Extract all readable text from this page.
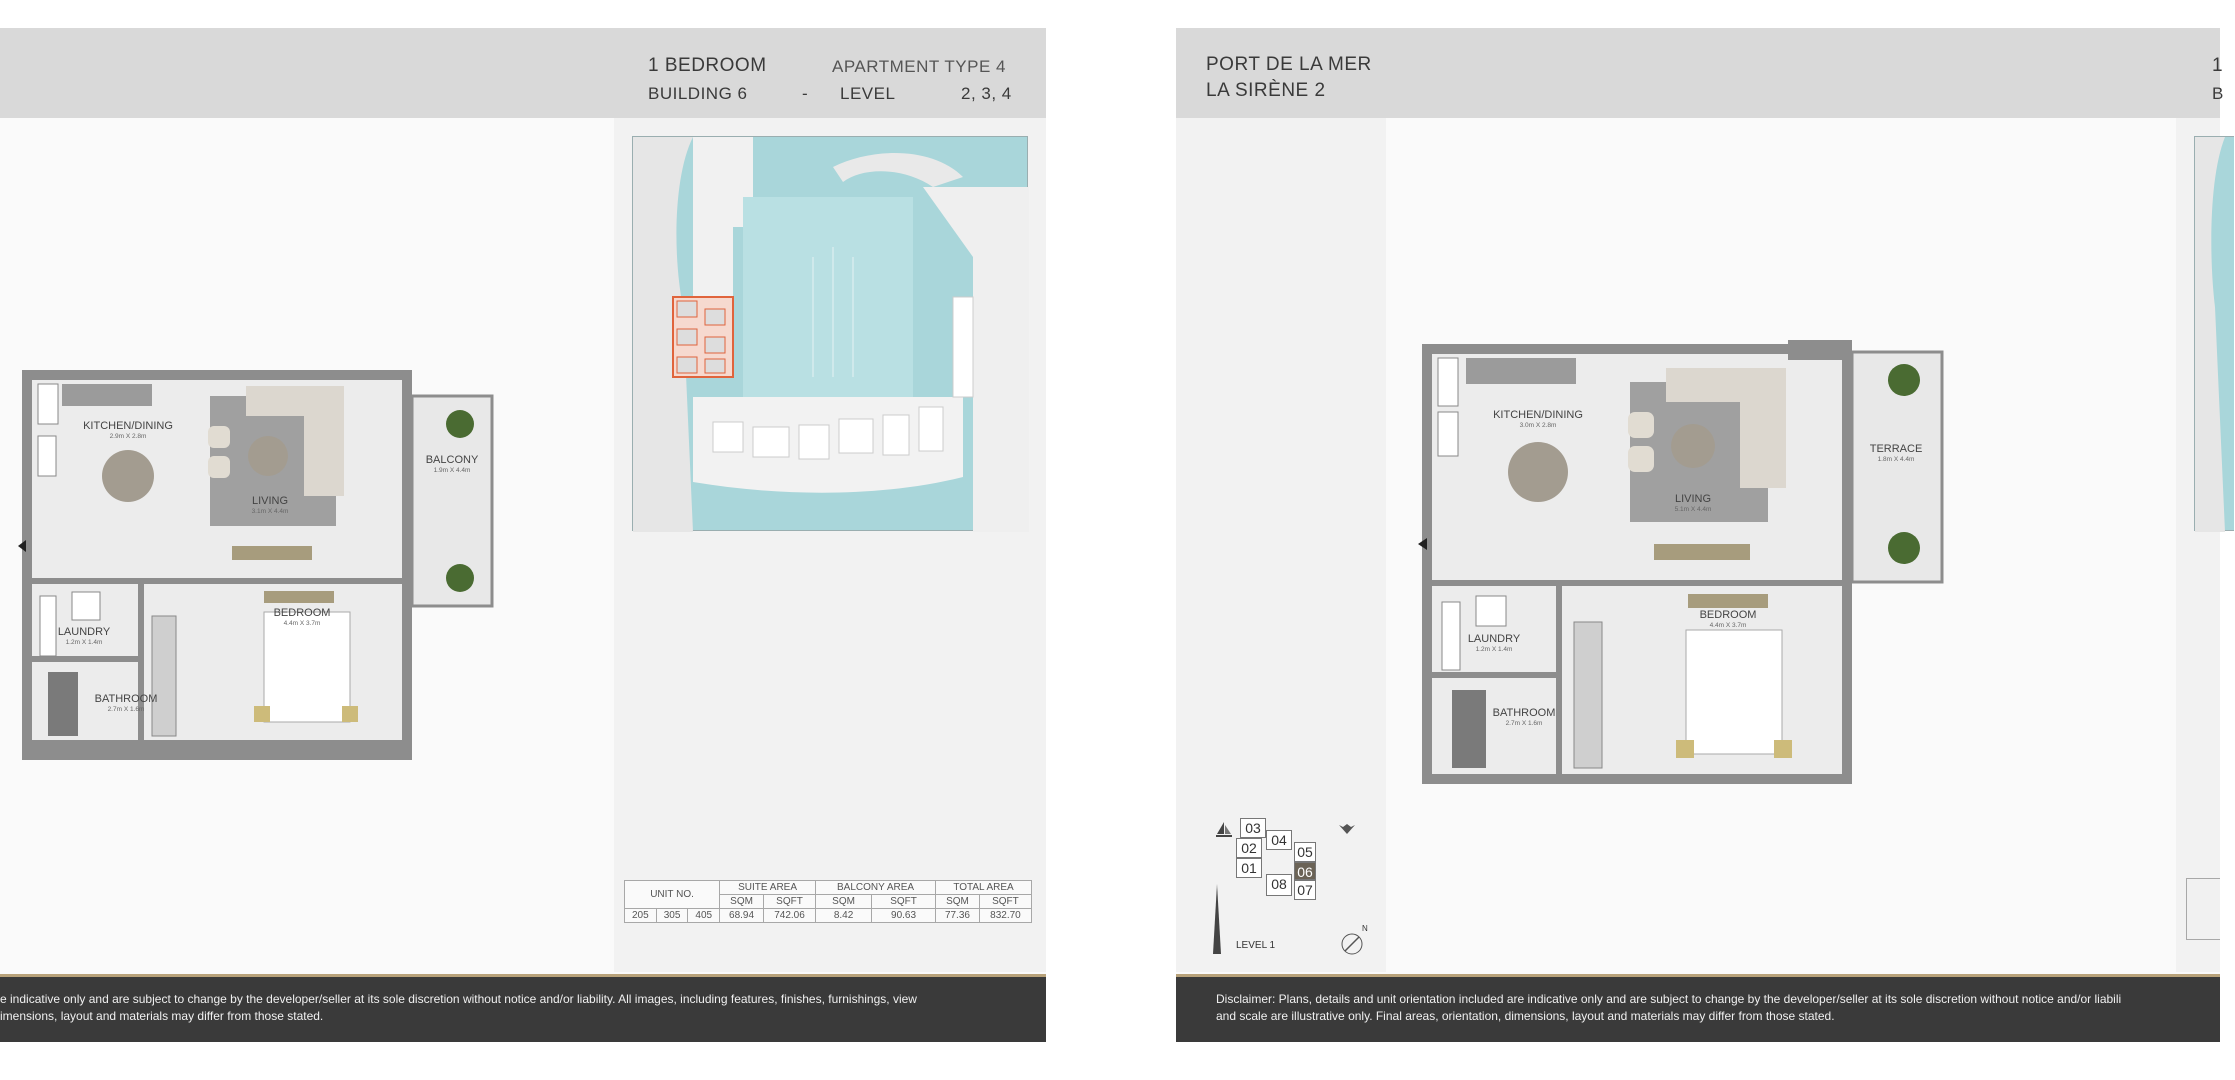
1 BEDROOM	APARTMENT TYPE 4
BUILDING 6	- LEVEL	2, 3, 4
KITCHEN/DINING
2.9m X 2.8m
LIVING
3.1m X 4.4m
BALCONY
1.9m X 4.4m
BEDROOM
4.4m X 3.7m
LAUNDRY
1.2m X 1.4m
BATHROOM
2.7m X 1.6m
UNIT NO.			SUITE AREA		BALCONY AREA		TOTAL AREA	
			SQM	SQFT	SQM	SQFT	SQM	SQFT
205	305	405	68.94	742.06	8.42	90.63	77.36	832.70
e indicative only and are subject to change by the developer/seller at its sole discretion without notice and/or liability. All images, including features, finishes, furnishings, view
imensions, layout and materials may differ from those stated.
PORT DE LA MER
LA SIRÈNE 2
1
B
KITCHEN/DINING
3.0m X 2.8m
LIVING
5.1m X 4.4m
TERRACE
1.8m X 4.4m
BEDROOM
4.4m X 3.7m
LAUNDRY
1.2m X 1.4m
BATHROOM
2.7m X 1.6m
03
04
02
01
05
06
07
08
LEVEL 1
N
Disclaimer: Plans, details and unit orientation included are indicative only and are subject to change by the developer/seller at its sole discretion without notice and/or liabili
and scale are illustrative only. Final areas, orientation, dimensions, layout and materials may differ from those stated.
